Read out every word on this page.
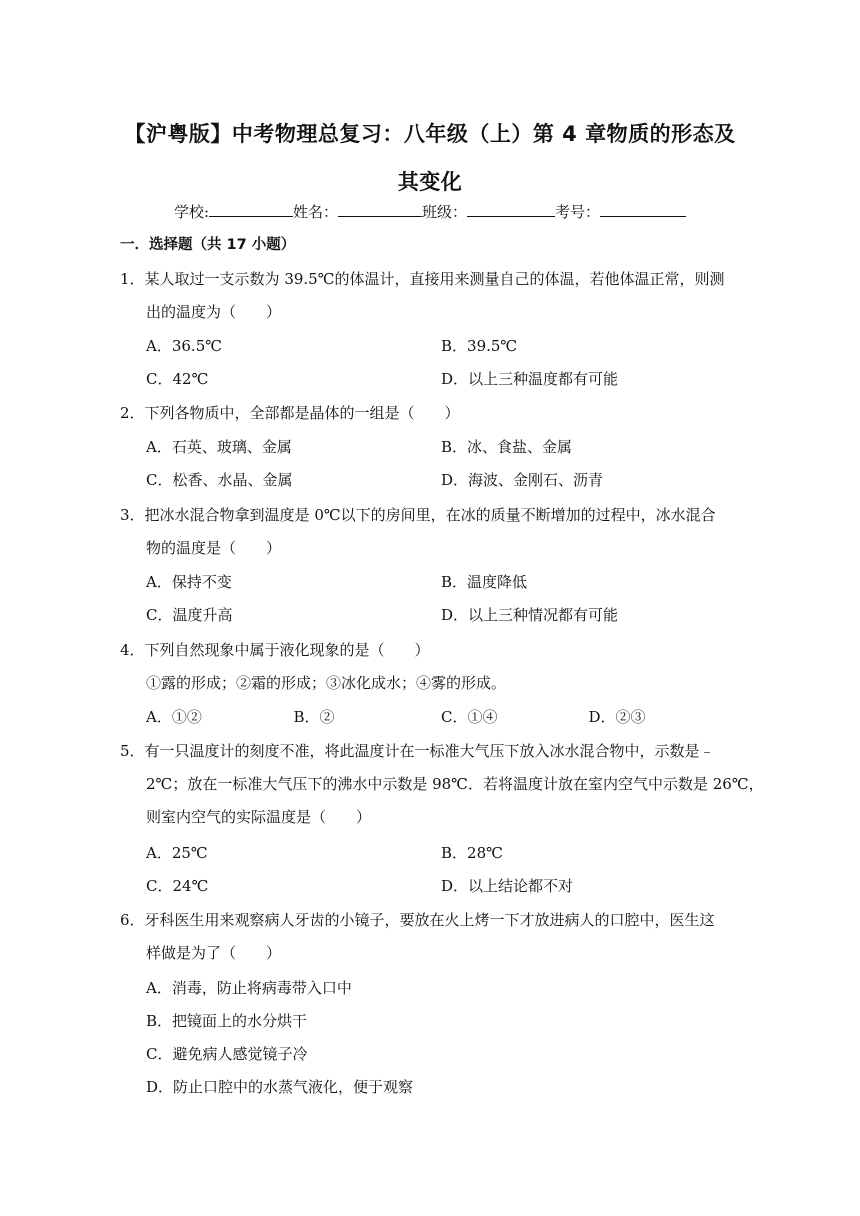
【沪粤版】中考物理总复习：八年级（上）第 4 章物质的形态及
其变化
学校:	姓名：	班级：	考号：
一．选择题（共 17 小题）
1．某人取过一支示数为 39.5℃的体温计，直接用来测量自己的体温，若他体温正常，则测
出的温度为（　　）
A．36.5℃	B．39.5℃
C．42℃	D．以上三种温度都有可能
2．下列各物质中，全部都是晶体的一组是（　　）
A．石英、玻璃、金属	B．冰、食盐、金属
C．松香、水晶、金属	D．海波、金刚石、沥青
3．把冰水混合物拿到温度是 0℃以下的房间里，在冰的质量不断增加的过程中，冰水混合
物的温度是（　　）
A．保持不变	B．温度降低
C．温度升高	D．以上三种情况都有可能
4．下列自然现象中属于液化现象的是（　　）
①露的形成；②霜的形成；③冰化成水；④雾的形成。
A．①②	B．②	C．①④	D．②③
5．有一只温度计的刻度不准，将此温度计在一标准大气压下放入冰水混合物中，示数是﹣
2℃；放在一标准大气压下的沸水中示数是 98℃．若将温度计放在室内空气中示数是 26℃，
则室内空气的实际温度是（　　）
A．25℃	B．28℃
C．24℃	D．以上结论都不对
6．牙科医生用来观察病人牙齿的小镜子，要放在火上烤一下才放进病人的口腔中，医生这
样做是为了（　　）
A．消毒，防止将病毒带入口中
B．把镜面上的水分烘干
C．避免病人感觉镜子冷
D．防止口腔中的水蒸气液化，便于观察
